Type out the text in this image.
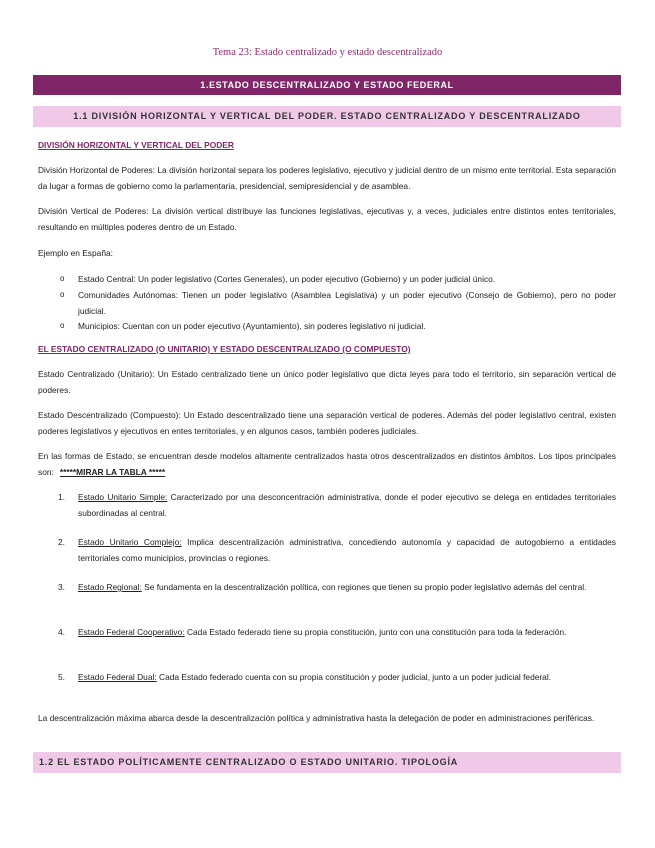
Tema 23: Estado centralizado y estado descentralizado
1.ESTADO DESCENTRALIZADO Y ESTADO FEDERAL
1.1 DIVISIÓN HORIZONTAL Y VERTICAL DEL PODER. ESTADO CENTRALIZADO Y DESCENTRALIZADO
DIVISIÓN HORIZONTAL Y VERTICAL DEL PODER
División Horizontal de Poderes: La división horizontal separa los poderes legislativo, ejecutivo y judicial dentro de un mismo ente territorial. Esta separación da lugar a formas de gobierno como la parlamentaria, presidencial, semipresidencial y de asamblea.
División Vertical de Poderes: La división vertical distribuye las funciones legislativas, ejecutivas y, a veces, judiciales entre distintos entes territoriales, resultando en múltiples poderes dentro de un Estado.
Ejemplo en España:
o Estado Central: Un poder legislativo (Cortes Generales), un poder ejecutivo (Gobierno) y un poder judicial único.
o Comunidades Autónomas: Tienen un poder legislativo (Asamblea Legislativa) y un poder ejecutivo (Consejo de Gobierno), pero no poder judicial.
o Municipios: Cuentan con un poder ejecutivo (Ayuntamiento), sin poderes legislativo ni judicial.
EL ESTADO CENTRALIZADO (O UNITARIO) Y ESTADO DESCENTRALIZADO (O COMPUESTO)
Estado Centralizado (Unitario): Un Estado centralizado tiene un único poder legislativo que dicta leyes para todo el territorio, sin separación vertical de poderes.
Estado Descentralizado (Compuesto): Un Estado descentralizado tiene una separación vertical de poderes. Además del poder legislativo central, existen poderes legislativos y ejecutivos en entes territoriales, y en algunos casos, también poderes judiciales.
En las formas de Estado, se encuentran desde modelos altamente centralizados hasta otros descentralizados en distintos ámbitos. Los tipos principales son: *****MIRAR LA TABLA *****
1. Estado Unitario Simple: Caracterizado por una desconcentración administrativa, donde el poder ejecutivo se delega en entidades territoriales subordinadas al central.
2. Estado Unitario Complejo: Implica descentralización administrativa, concediendo autonomía y capacidad de autogobierno a entidades territoriales como municipios, provincias o regiones.
3. Estado Regional: Se fundamenta en la descentralización política, con regiones que tienen su propio poder legislativo además del central.
4. Estado Federal Cooperativo: Cada Estado federado tiene su propia constitución, junto con una constitución para toda la federación.
5. Estado Federal Dual: Cada Estado federado cuenta con su propia constitución y poder judicial, junto a un poder judicial federal.
La descentralización máxima abarca desde la descentralización política y administrativa hasta la delegación de poder en administraciones periféricas.
1.2 EL ESTADO POLÍTICAMENTE CENTRALIZADO O ESTADO UNITARIO. TIPOLOGÍA
